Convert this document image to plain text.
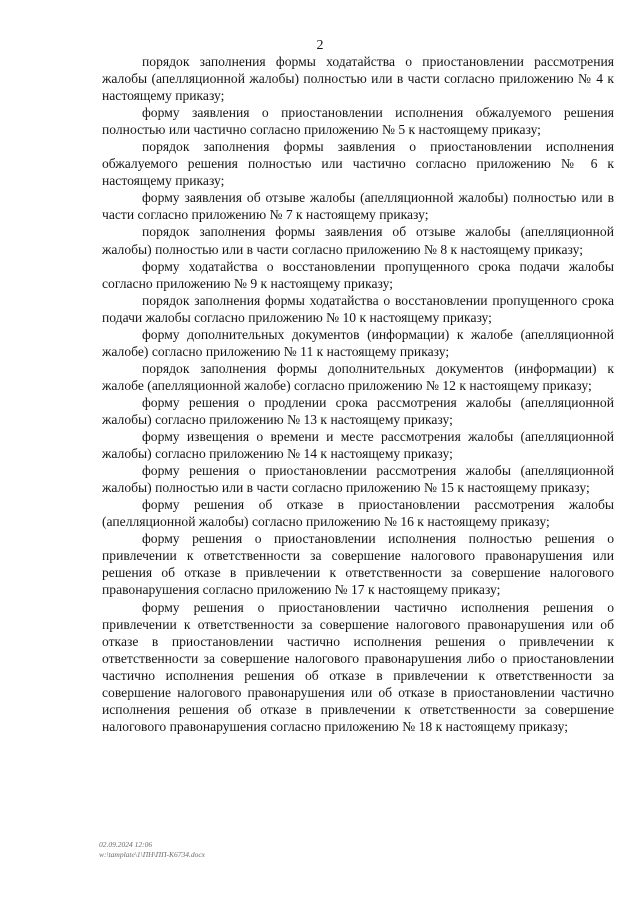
2

порядок заполнения формы ходатайства о приостановлении рассмотрения жалобы (апелляционной жалобы) полностью или в части согласно приложению № 4 к настоящему приказу;

форму заявления о приостановлении исполнения обжалуемого решения полностью или частично согласно приложению № 5 к настоящему приказу;

порядок заполнения формы заявления о приостановлении исполнения обжалуемого решения полностью или частично согласно приложению № 6 к настоящему приказу;

форму заявления об отзыве жалобы (апелляционной жалобы) полностью или в части согласно приложению № 7 к настоящему приказу;

порядок заполнения формы заявления об отзыве жалобы (апелляционной жалобы) полностью или в части согласно приложению № 8 к настоящему приказу;

форму ходатайства о восстановлении пропущенного срока подачи жалобы согласно приложению № 9 к настоящему приказу;

порядок заполнения формы ходатайства о восстановлении пропущенного срока подачи жалобы согласно приложению № 10 к настоящему приказу;

форму дополнительных документов (информации) к жалобе (апелляционной жалобе) согласно приложению № 11 к настоящему приказу;

порядок заполнения формы дополнительных документов (информации) к жалобе (апелляционной жалобе) согласно приложению № 12 к настоящему приказу;

форму решения о продлении срока рассмотрения жалобы (апелляционной жалобы) согласно приложению № 13 к настоящему приказу;

форму извещения о времени и месте рассмотрения жалобы (апелляционной жалобы) согласно приложению № 14 к настоящему приказу;

форму решения о приостановлении рассмотрения жалобы (апелляционной жалобы) полностью или в части согласно приложению № 15 к настоящему приказу;

форму решения об отказе в приостановлении рассмотрения жалобы (апелляционной жалобы) согласно приложению № 16 к настоящему приказу;

форму решения о приостановлении исполнения полностью решения о привлечении к ответственности за совершение налогового правонарушения или решения об отказе в привлечении к ответственности за совершение налогового правонарушения согласно приложению № 17 к настоящему приказу;

форму решения о приостановлении частично исполнения решения о привлечении к ответственности за совершение налогового правонарушения или об отказе в приостановлении частично исполнения решения о привлечении к ответственности за совершение налогового правонарушения либо о приостановлении частично исполнения решения об отказе в привлечении к ответственности за совершение налогового правонарушения или об отказе в приостановлении частично исполнения решения об отказе в привлечении к ответственности за совершение налогового правонарушения согласно приложению № 18 к настоящему приказу;

02.09.2024 12:06
w:\tamplate\1\ПН\ПП-К6734.docx
